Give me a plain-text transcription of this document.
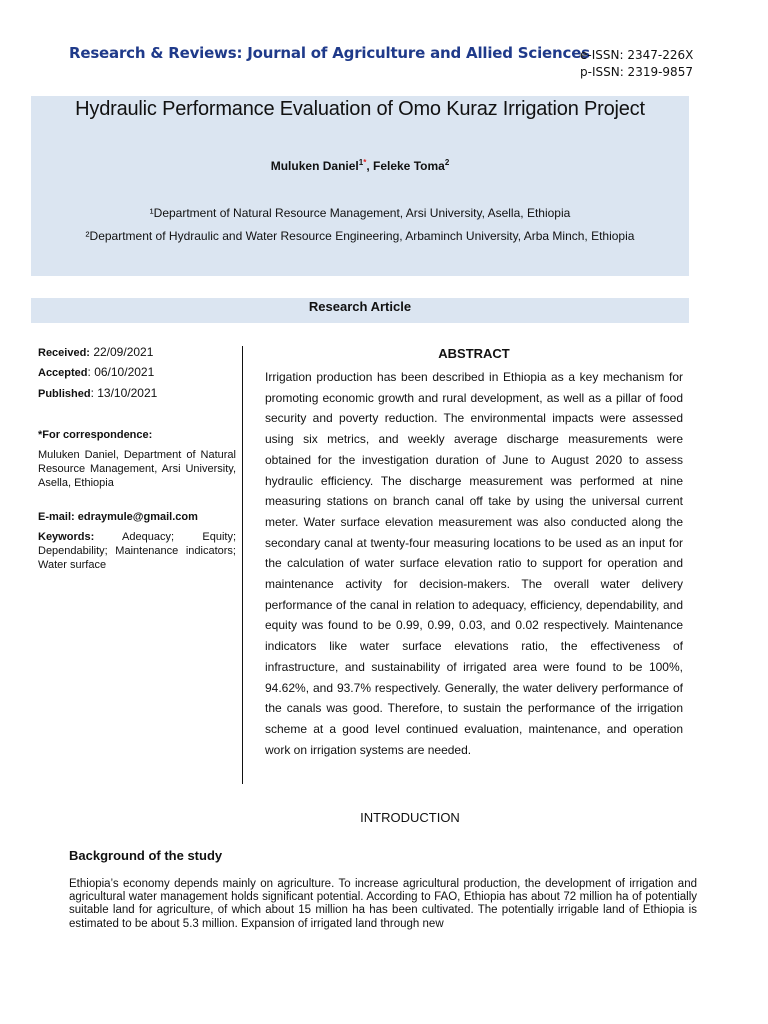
Research & Reviews: Journal of Agriculture and Allied Sciences
e-ISSN: 2347-226X
p-ISSN: 2319-9857
Hydraulic Performance Evaluation of Omo Kuraz Irrigation Project
Muluken Daniel$^{1*}$, Feleke Toma$^2$
¹Department of Natural Resource Management, Arsi University, Asella, Ethiopia
²Department of Hydraulic and Water Resource Engineering, Arbaminch University, Arba Minch, Ethiopia
Research Article
Received: 22/09/2021
Accepted: 06/10/2021
Published: 13/10/2021
*For correspondence:
Muluken Daniel, Department of Natural Resource Management, Arsi University, Asella, Ethiopia
E-mail: edraymule@gmail.com
Keywords:	Adequacy; Equity; Dependability; Maintenance indicators; Water surface
ABSTRACT
Irrigation production has been described in Ethiopia as a key mechanism for promoting economic growth and rural development, as well as a pillar of food security and poverty reduction. The environmental impacts were assessed using six metrics, and weekly average discharge measurements were obtained for the investigation duration of June to August 2020 to assess hydraulic efficiency. The discharge measurement was performed at nine measuring stations on branch canal off take by using the universal current meter. Water surface elevation measurement was also conducted along the secondary canal at twenty-four measuring locations to be used as an input for the calculation of water surface elevation ratio to support for operation and maintenance activity for decision-makers. The overall water delivery performance of the canal in relation to adequacy, efficiency, dependability, and equity was found to be 0.99, 0.99, 0.03, and 0.02 respectively. Maintenance indicators like water surface elevations ratio, the effectiveness of infrastructure, and sustainability of irrigated area were found to be 100%, 94.62%, and 93.7% respectively. Generally, the water delivery performance of the canals was good. Therefore, to sustain the performance of the irrigation scheme at a good level continued evaluation, maintenance, and operation work on irrigation systems are needed.
INTRODUCTION
Background of the study
Ethiopia’s economy depends mainly on agriculture. To increase agricultural production, the development of irrigation and agricultural water management holds significant potential. According to FAO, Ethiopia has about 72 million ha of potentially suitable land for agriculture, of which about 15 million ha has been cultivated. The potentially irrigable land of Ethiopia is estimated to be about 5.3 million. Expansion of irrigated land through new
